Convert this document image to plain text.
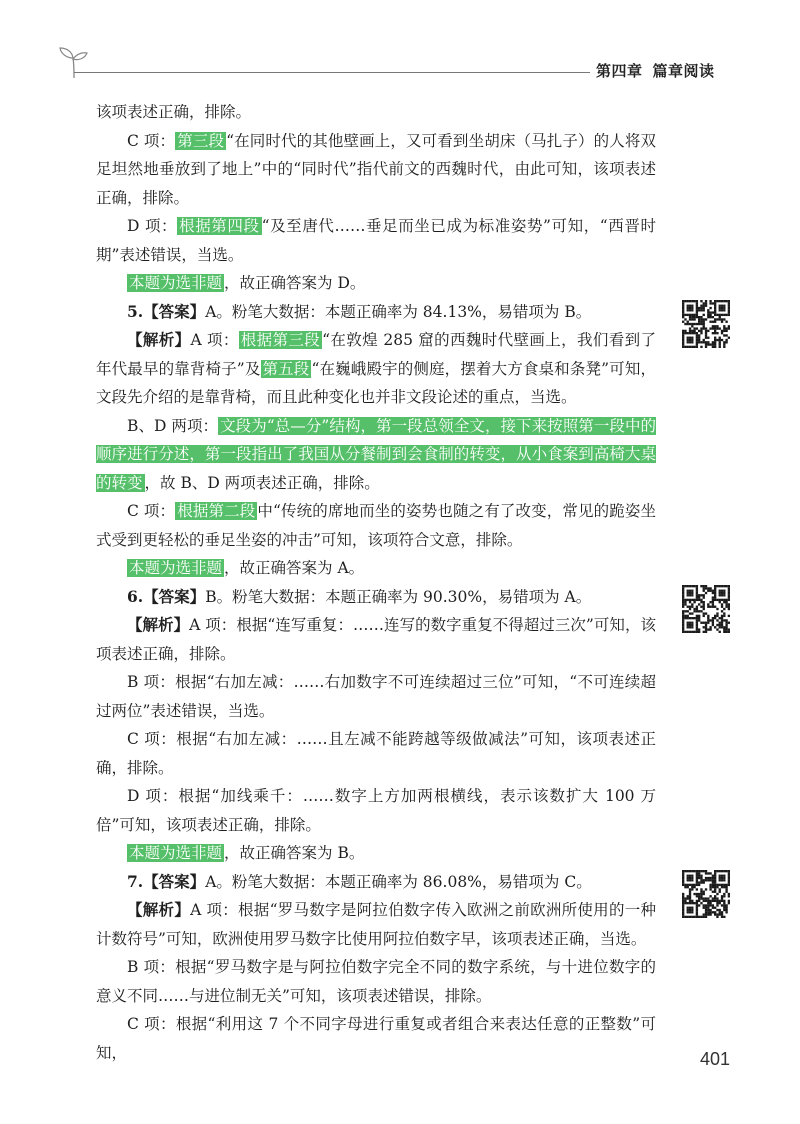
第四章 篇章阅读

该项表述正确，排除。

C 项： 第三段 “在同时代的其他壁画上，又可看到坐胡床（马扎子）的人将双足坦然地垂放到了地上”中的“同时代”指代前文的西魏时代，由此可知，该项表述正确，排除。

D 项： 根据第四段 “及至唐代……垂足而坐已成为标准姿势”可知，“西晋时期”表述错误，当选。

本题为选非题 ，故正确答案为 D。

5.【答案】A。粉笔大数据：本题正确率为 84.13%，易错项为 B。

【解析】A 项： 根据第三段 “在敦煌 285 窟的西魏时代壁画上，我们看到了年代最早的靠背椅子”及 第五段 “在巍峨殿宇的侧庭，摆着大方食桌和条凳”可知，文段先介绍的是靠背椅，而且此种变化也并非文段论述的重点，当选。

B、D 两项： 文段为“总—分”结构，第一段总领全文，接下来按照第一段中的顺序进行分述，第一段指出了我国从分餐制到会食制的转变，从小食案到高椅大桌的转变 ，故 B、D 两项表述正确，排除。

C 项： 根据第二段 中“传统的席地而坐的姿势也随之有了改变，常见的跪姿坐式受到更轻松的垂足坐姿的冲击”可知，该项符合文意，排除。

本题为选非题 ，故正确答案为 A。

6.【答案】B。粉笔大数据：本题正确率为 90.30%，易错项为 A。

【解析】A 项：根据“连写重复：……连写的数字重复不得超过三次”可知，该项表述正确，排除。

B 项：根据“右加左减：……右加数字不可连续超过三位”可知，“不可连续超过两位”表述错误，当选。

C 项：根据“右加左减：……且左减不能跨越等级做减法”可知，该项表述正确，排除。

D 项：根据“加线乘千：……数字上方加两根横线，表示该数扩大 100 万倍”可知，该项表述正确，排除。

本题为选非题 ，故正确答案为 B。

7.【答案】A。粉笔大数据：本题正确率为 86.08%，易错项为 C。

【解析】A 项：根据“罗马数字是阿拉伯数字传入欧洲之前欧洲所使用的一种计数符号”可知，欧洲使用罗马数字比使用阿拉伯数字早，该项表述正确，当选。

B 项：根据“罗马数字是与阿拉伯数字完全不同的数字系统，与十进位数字的意义不同……与进位制无关”可知，该项表述错误，排除。

C 项：根据“利用这 7 个不同字母进行重复或者组合来表达任意的正整数”可知，	401
